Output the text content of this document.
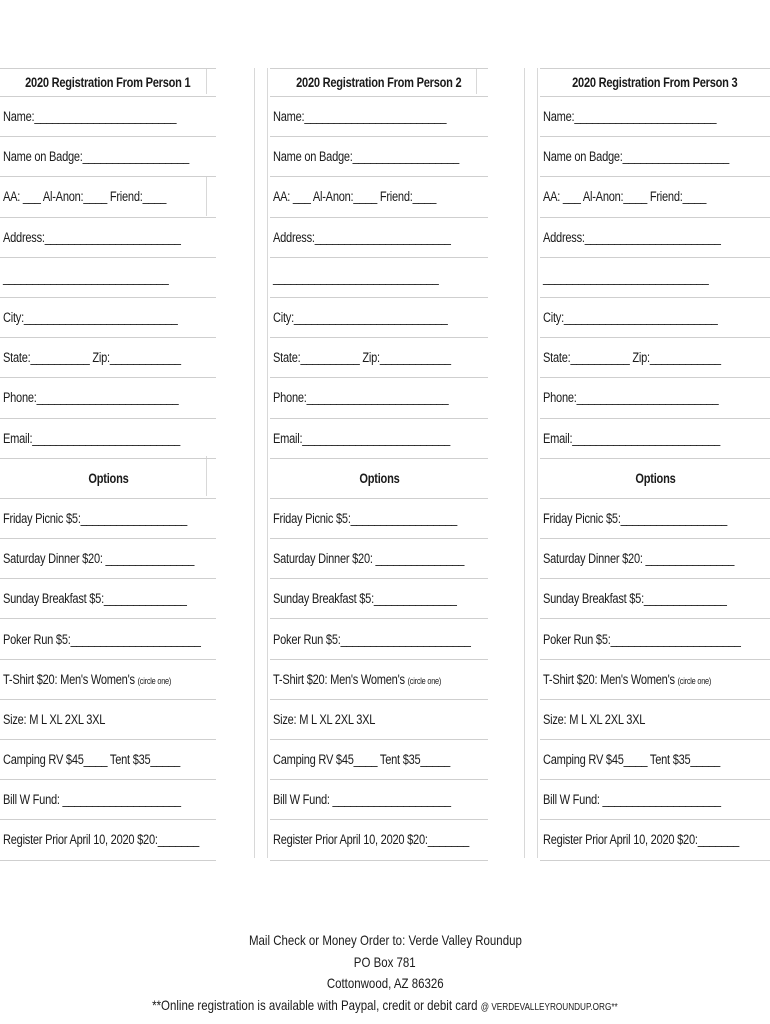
2020 Registration From Person 1
Name:________________________
Name on Badge:__________________
AA: ___ Al-Anon:____ Friend:____
Address:_______________________
____________________________
City:__________________________
State:__________ Zip:____________
Phone:________________________
Email:_________________________
Options
Friday Picnic $5:__________________
Saturday Dinner $20: _______________
Sunday Breakfast $5:______________
Poker Run $5:______________________
T-Shirt $20: Men's Women's (circle one)
Size: M L XL 2XL 3XL
Camping RV $45____ Tent $35_____
Bill W Fund: ____________________
Register Prior April 10, 2020 $20:_______
2020 Registration From Person 2
Name:________________________
Name on Badge:__________________
AA: ___ Al-Anon:____ Friend:____
Address:_______________________
____________________________
City:__________________________
State:__________ Zip:____________
Phone:________________________
Email:_________________________
Options
Friday Picnic $5:__________________
Saturday Dinner $20: _______________
Sunday Breakfast $5:______________
Poker Run $5:______________________
T-Shirt $20: Men's Women's (circle one)
Size: M L XL 2XL 3XL
Camping RV $45____ Tent $35_____
Bill W Fund: ____________________
Register Prior April 10, 2020 $20:_______
2020 Registration From Person 3
Name:________________________
Name on Badge:__________________
AA: ___ Al-Anon:____ Friend:____
Address:_______________________
____________________________
City:__________________________
State:__________ Zip:____________
Phone:________________________
Email:_________________________
Options
Friday Picnic $5:__________________
Saturday Dinner $20: _______________
Sunday Breakfast $5:______________
Poker Run $5:______________________
T-Shirt $20: Men's Women's (circle one)
Size: M L XL 2XL 3XL
Camping RV $45____ Tent $35_____
Bill W Fund: ____________________
Register Prior April 10, 2020 $20:_______
Mail Check or Money Order to: Verde Valley Roundup
PO Box 781
Cottonwood, AZ 86326
**Online registration is available with Paypal, credit or debit card @ VERDEVALLEYROUNDUP.ORG**
